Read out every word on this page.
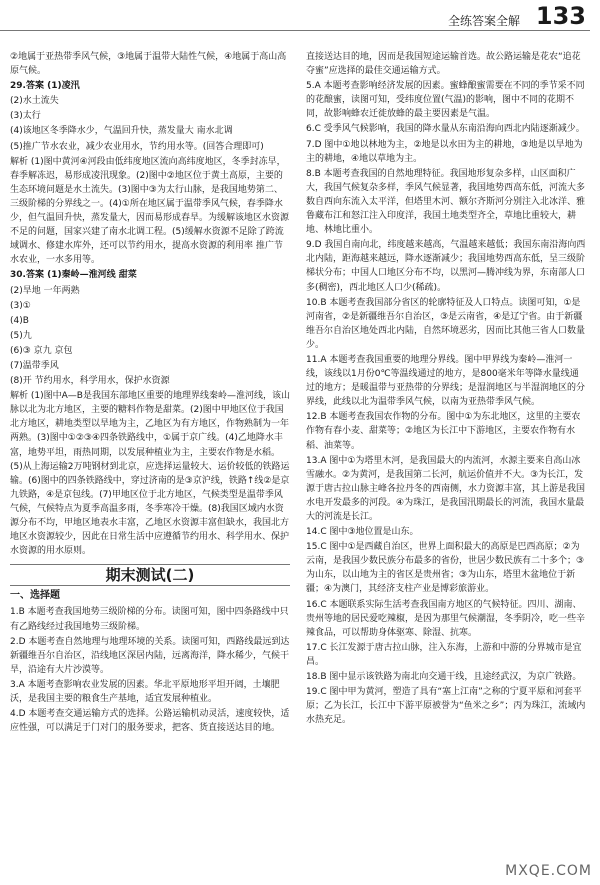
全练答案全解 133

②地属于亚热带季风气候，③地属于温带大陆性气候，④地属于高山高原气候。

29.答案 (1)凌汛

(2)水土流失

(3)太行

(4)该地区冬季降水少，气温回升快，蒸发量大 南水北调

(5)推广节水农业，减少农业用水，节约用水等。(回答合理即可)

解析 (1)图中黄河④河段由低纬度地区流向高纬度地区，冬季封冻早，春季解冻迟，易形成凌汛现象。(2)图中②地区位于黄土高原，主要的生态环境问题是水土流失。(3)图中③为太行山脉，是我国地势第二、三级阶梯的分界线之一。(4)①所在地区属于温带季风气候，春季降水少，但气温回升快，蒸发量大，因而易形成春旱。为缓解该地区水资源不足的问题，国家兴建了南水北调工程。(5)缓解水资源不足除了跨流域调水、修建水库外，还可以节约用水，提高水资源的利用率 推广节水农业，一水多用等。

30.答案 (1)秦岭—淮河线 甜菜

(2)旱地 一年两熟

(3)①

(4)B

(5)九

(6)③ 京九 京包

(7)温带季风

(8)开 节约用水，科学用水，保护水资源

解析 (1)图中A—B是我国东部地区重要的地理界线秦岭—淮河线，该山脉以北为北方地区，主要的糖料作物是甜菜。(2)图中甲地区位于我国北方地区，耕地类型以旱地为主，乙地区为有方地区，作物熟制为一年两熟。(3)图中①②③④四条铁路线中，①属于京广线。(4)乙地降水丰富，地势平坦，雨热同期，以发展种植业为主，主要农作物是水稻。(5)从上海运输2万吨钢材到北京，应选择运量较大、运价较低的铁路运输。(6)图中的四条铁路线中，穿过济南的是③京沪线，铁路↑线②是京九铁路，④是京包线。(7)甲地区位于北方地区，气候类型是温带季风气候，气候特点为夏季高温多雨，冬季寒冷干燥。(8)我国区域内水资源分布不均，甲地区地表水丰富，乙地区水资源丰富但缺水，我国北方地区水资源较少，因此在日常生活中应遵循节约用水、科学用水、保护水资源的用水原则。

期末测试(二)
一、选择题

1.B 本题考查我国地势三级阶梯的分布。读图可知，图中四条路线中只有乙路线经过我国地势三级阶梯。

2.D 本题考查自然地理与地理环境的关系。读图可知，西路线最远到达新疆维吾尔自治区，沿线地区深居内陆，远离海洋，降水稀少，气候干旱，沿途有大片沙漠等。

3.A 本题考查影响农业发展的因素。华北平原地形平坦开阔，土壤肥沃，是我国主要的粮食生产基地，适宜发展种植业。

4.D 本题考查交通运输方式的选择。公路运输机动灵活，速度较快，适应性强，可以满足于门对门的服务要求，把客、货直接送达目的地。

直接送达目的地，因而是我国短途运输首选。故公路运输是花农“追花夺蜜”应选择的最佳交通运输方式。

5.A 本题考查影响经济发展的因素。蜜蜂酿蜜需要在不同的季节采不同的花酿蜜，读图可知，受纬度位置(气温)的影响，图中不同的花期不同，故影响蜂农迁徙放蜂的最主要因素是气温。

6.C 受季风气候影响，我国的降水量从东南沿海向西北内陆逐渐减少。

7.D 图中①地以林地为主，②地是以水田为主的耕地，③地是以旱地为主的耕地，④地以草地为主。

8.B 本题考查我国的自然地理特征。我国地形复杂多样，山区面积广大，我国气候复杂多样，季风气候显著，我国地势西高东低，河流大多数自西向东流入太平洋，但塔里木河、额尔齐斯河分别注入北冰洋、雅鲁藏布江和怒江注入印度洋，我国土地类型齐全，草地比重较大，耕地、林地比重小。

9.D 我国自南向北，纬度越来越高，气温越来越低；我国东南沿海向西北内陆，距海越来越远，降水逐渐减少；我国地势西高东低，呈三级阶梯状分布；中国人口地区分布不均，以黑河—腾冲线为界，东南部人口多(稠密)，西北地区人口少(稀疏)。

10.B 本题考查我国部分省区的轮廓特征及人口特点。读图可知，①是河南省，②是新疆维吾尔自治区，③是云南省，④是辽宁省。由于新疆维吾尔自治区地处西北内陆，自然环境恶劣，因而比其他三省人口数量少。

11.A 本题考查我国重要的地理分界线。图中甲界线为秦岭—淮河一线，该线以1月份0℃等温线通过的地方，是800毫米年等降水量线通过的地方；是暖温带与亚热带的分界线；是湿润地区与半湿润地区的分界线，此线以北为温带季风气候，以南为亚热带季风气候。

12.B 本题考查我国农作物的分布。图中①为东北地区，这里的主要农作物有春小麦、甜菜等；②地区为长江中下游地区，主要农作物有水稻、油菜等。

13.A 图中①为塔里木河，是我国最大的内流河，水源主要来自高山冰雪融水。②为黄河，是我国第二长河，航运价值并不大。③为长江，发源于唐古拉山脉主峰各拉丹冬的西南侧，水力资源丰富，其上游是我国水电开发最多的河段。④为珠江，是我国汛期最长的河流，我国水量最大的河流是长江。

14.C 图中③地位置是山东。

15.C 图中①是西藏自治区，世界上面积最大的高原是巴西高原；②为云南，是我国少数民族分布最多的省份，世居少数民族有二十多个；③为山东，以山地为主的省区是贵州省；③为山东，塔里木盆地位于新疆；④为澳门，其经济支柱产业是博彩旅游业。

16.C 本题联系实际生活考查我国南方地区的气候特征。四川、湖南、贵州等地的居民爱吃辣椒，是因为那里气候潮湿，冬季阴冷，吃一些辛辣食品，可以帮助身体驱寒、除湿、抗寒。

17.C 长江发源于唐古拉山脉，注入东海，上游和中游的分界城市是宜昌。

18.B 图中显示该铁路为南北向交通干线，且途经武汉，为京广铁路。

19.C 图中甲为黄河，塑造了具有“塞上江南”之称的宁夏平原和河套平原；乙为长江，长江中下游平原被誉为“鱼米之乡”；丙为珠江，流域内水热充足。

MXQE.COM
